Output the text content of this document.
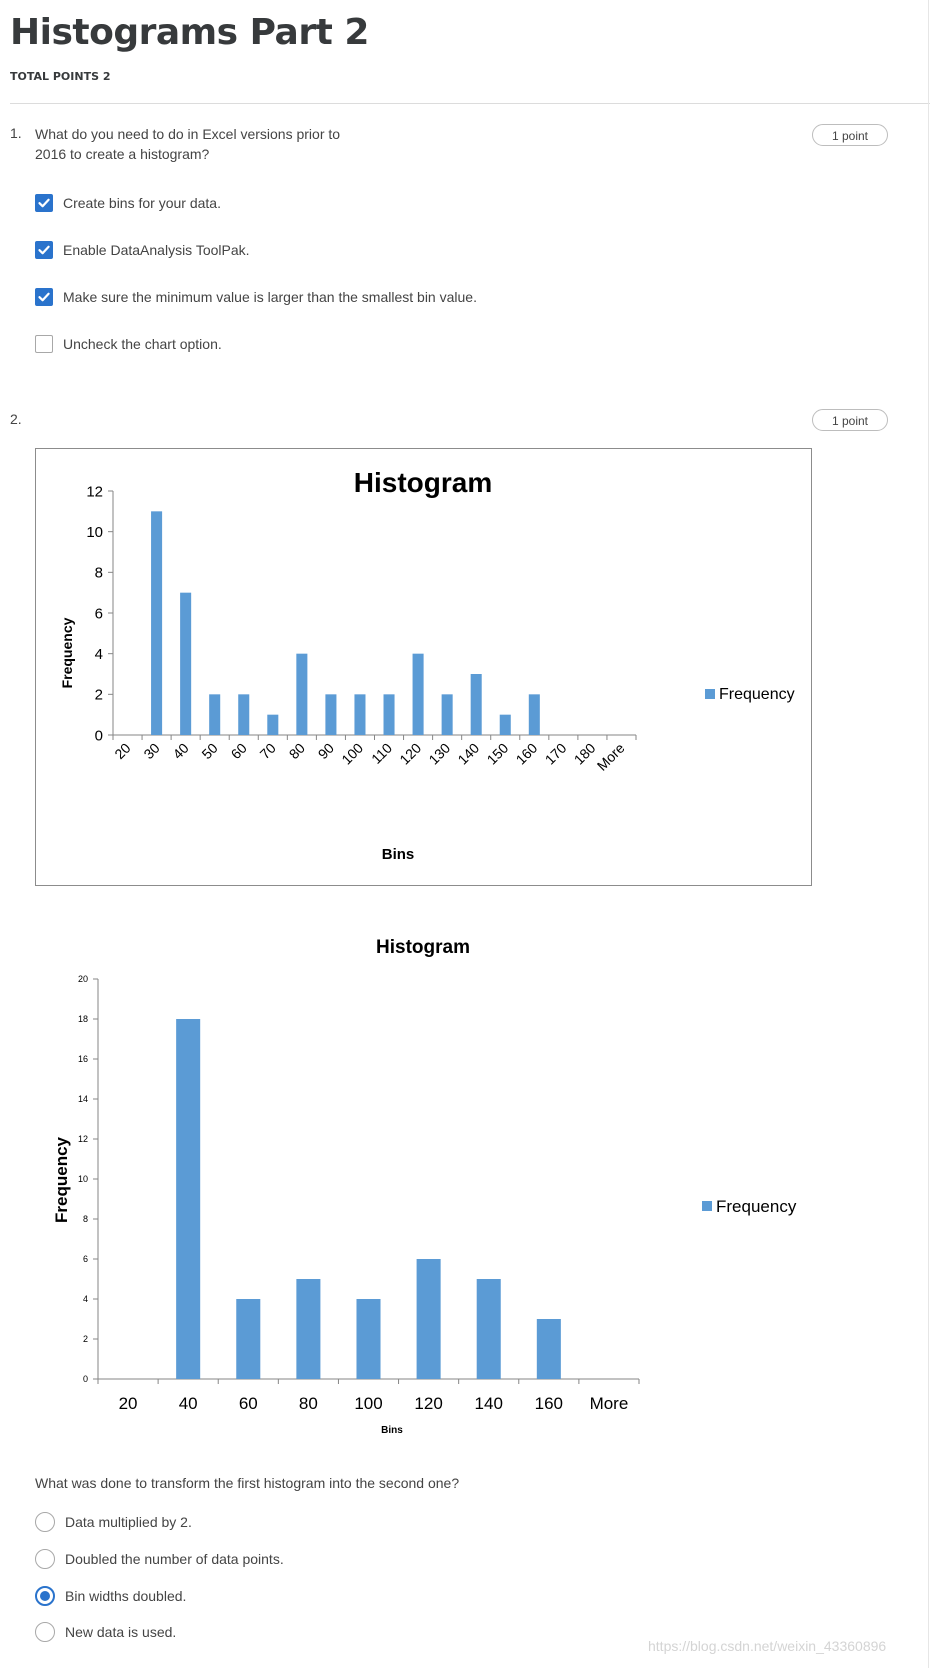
Histograms Part 2
TOTAL POINTS 2
1. What do you need to do in Excel versions prior to 2016 to create a histogram?
1 point
Create bins for your data.
Enable DataAnalysis ToolPak.
Make sure the minimum value is larger than the smallest bin value.
Uncheck the chart option.
2.	1 point
Histogram
Frequency
Bins
0
2
4
6
8
10
12
20 30 40 50 60 70 80 90 100 110 120 130 140 150 160 170 180
More
Frequency
Histogram
Frequency
Bins
0
2
4
6
8
10
12
14
16
18
20
20 40 60 80 100 120 140 160 More
Frequency
What was done to transform the first histogram into the second one?
Data multiplied by 2.
Doubled the number of data points.
Bin widths doubled.
New data is used.
https://blog.csdn.net/weixin_43360896
